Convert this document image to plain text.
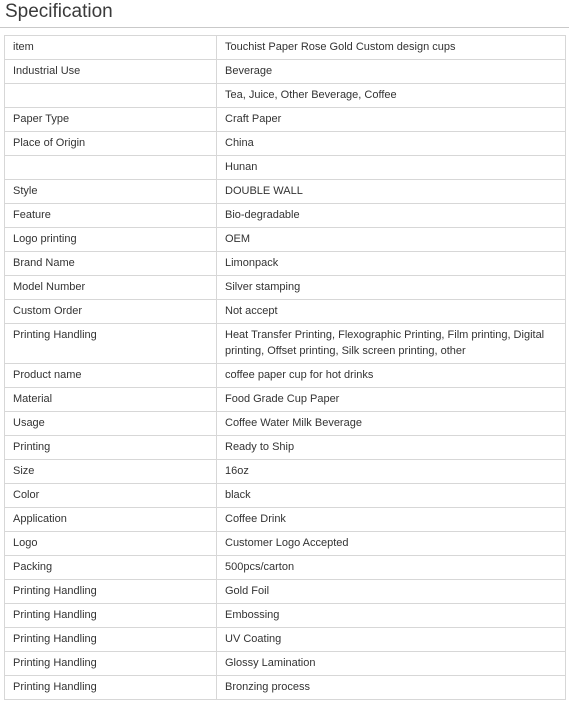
Specification
item	Touchist Paper Rose Gold Custom design cups
Industrial Use	Beverage
	Tea, Juice, Other Beverage, Coffee
Paper Type	Craft Paper
Place of Origin	China
	Hunan
Style	DOUBLE WALL
Feature	Bio-degradable
Logo printing	OEM
Brand Name	Limonpack
Model Number	Silver stamping
Custom Order	Not accept
Printing Handling	Heat Transfer Printing, Flexographic Printing, Film printing, Digital printing, Offset printing, Silk screen printing, other
Product name	coffee paper cup for hot drinks
Material	Food Grade Cup Paper
Usage	Coffee Water Milk Beverage
Printing	Ready to Ship
Size	16oz
Color	black
Application	Coffee Drink
Logo	Customer Logo Accepted
Packing	500pcs/carton
Printing Handling	Gold Foil
Printing Handling	Embossing
Printing Handling	UV Coating
Printing Handling	Glossy Lamination
Printing Handling	Bronzing process
